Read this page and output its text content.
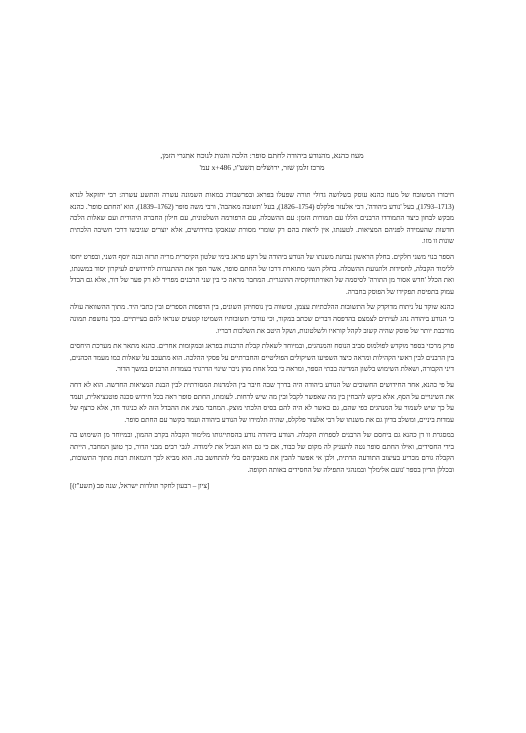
מעוז כהנא, מהנודע ביהודה לחתם סופר: הלכה והגות לנוכח אתגרי הזמן,
מרכז זלמן שזר, ירושלים תשע"ו, x+486 עמ'

חיבורו המשובח של מעוז כהנא עוסק בשלושה גדולי תורה שפעלו בפראג ובפרשבורג במאות השמונה עשרה והתשע עשרה: רבי יחזקאל לנדא (1713–1793), בעל 'נודע ביהודה', רבי אלעזר פלקלס (1754–1826), בעל 'תשובה מאהבה', ורבי משה סופר (1762–1839), הוא 'החתם סופר'. כהנא מבקש לבחון כיצד התמודדו הרבנים הללו עם תמורות הזמן: עם ההשכלה, עם הרפורמה השלטונית, עם חילון החברה היהודית ועם שאלות הלכה חדשות שהעמידה לפניהם המציאות. לטענתו, אין לראות בהם רק שומרי מסורת שנאבקו בחידושים, אלא יוצרים שגיבשו דרכי חשיבה הלכתית שונות זו מזו.

הספר בנוי משני חלקים. בחלק הראשון נבחנת משנתו של הנודע ביהודה על רקע פראג בימי שלטון הקיסרית מריה תרזה ובנה יוסף השני, ובפרט יחסו ללימוד הקבלה, לחסידות ולתנועת ההשכלה. בחלק השני מתוארת דרכו של החתם סופר, אשר הפך את ההתנגדות לחידושים לעיקרון יסוד במשנתו, ואת הכלל 'חדש אסור מן התורה' לסיסמה של האורתודוקסיה ההונגרית. המחבר מראה כי בין שני הרבנים מפריד לא רק פער של דור, אלא גם הבדל עמוק בתפיסת תפקידו של הפוסק בחברה.

כהנא שוקד על ניתוח מדוקדק של התשובות ההלכתיות עצמן, ומשווה בין נוסחיהן השונים, בין הדפסות הספרים ובין כתבי היד. מתוך ההשוואה עולה כי הנודע ביהודה נהג לעיתים לצמצם בהדפסה דברים שכתב במקור, וכי עורכי תשובותיו השמיטו קטעים שנראו להם בעייתיים. בכך נחשפת תמונה מורכבת יותר של פוסק שהיה קשוב לקהל קוראיו ולשלטונות, ושקל היטב את השלכות דבריו.

פרק מרכזי בספר מוקדש לפולמוס סביב הנוסח והמנהגים, ובמיוחד לשאלת קבלת הרבנות בפראג ובמקומות אחרים. כהנא מתאר את מערכת היחסים בין הרבנים לבין ראשי הקהילות ומראה כיצד השפיעו השיקולים הפוליטיים והחברתיים על פסקי ההלכה. הוא מתעכב על שאלות כמו מעמד הכהנים, דיני הקבורה, ושאלת השימוש בלשון המדינה בבתי הספר, ומראה כי בכל אחת מהן ניכר שינוי הדרגתי בעמדות הרבנים במשך הדור.

על פי כהנא, אחד החידושים החשובים של הנודע ביהודה היה בדרך שבה חיבר בין הלמדנות המסורתית לבין הבנת המציאות החדשה. הוא לא דחה את השינויים על הסף, אלא ביקש להבחין בין מה שאפשר לקבל ובין מה שיש לדחות. לעומתו, החתם סופר ראה בכל חידוש סכנה פוטנציאלית, ועמד על כך שיש לשמור על המנהגים כפי שהם, גם כאשר לא היה להם בסיס הלכתי מוצק. המחבר מציג את ההבדל הזה לא כניגוד חד, אלא כרצף של עמדות ביניים, ומשלב בדיון גם את משנתו של רבי אלעזר פלקלס, שהיה תלמידו של הנודע ביהודה ועמד בקשר עם החתם סופר.

במסגרת זו דן כהנא גם ביחסם של הרבנים לספרות הקבלה. הנודע ביהודה נודע בהסתייגותו מלימוד הקבלה בקרב ההמון, ובמיוחד מן השימוש בה בידי החסידים, ואילו החתם סופר נטה להעניק לה מקום של כבוד, אם כי גם הוא הגביל את לימודה. לגבי רבים מבני הדור, כך טוען המחבר, הייתה הקבלה גורם מכריע בעיצוב התודעה הדתית, ולכן אי אפשר להבין את מאבקיהם בלי להתחשב בה. הוא מביא לכך דוגמאות רבות מתוך התשובות, ובכללן הדיון בספר 'נועם אלימלך' ובמנהגי התפילה של החסידים באותה תקופה.

[ציון – רבעון לחקר תולדות ישראל, שנה פב (תשע"ז)]
